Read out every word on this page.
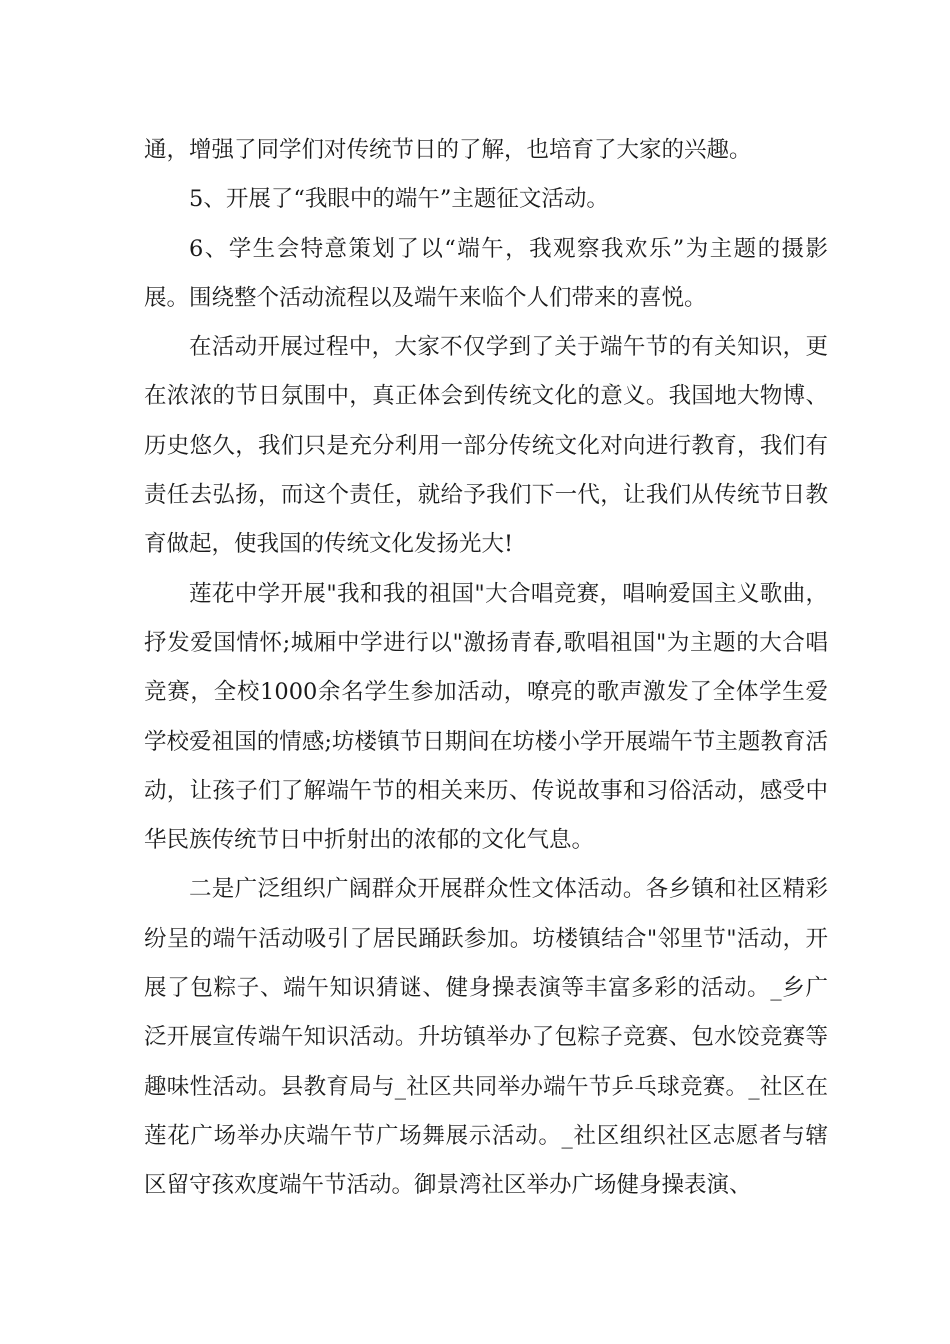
通，增强了同学们对传统节日的了解，也培育了大家的兴趣。

5、开展了“我眼中的端午”主题征文活动。

6、学生会特意策划了以“端午，我观察我欢乐”为主题的摄影展。围绕整个活动流程以及端午来临个人们带来的喜悦。

在活动开展过程中，大家不仅学到了关于端午节的有关知识，更在浓浓的节日氛围中，真正体会到传统文化的意义。我国地大物博、历史悠久，我们只是充分利用一部分传统文化对向进行教育，我们有责任去弘扬，而这个责任，就给予我们下一代，让我们从传统节日教育做起，使我国的传统文化发扬光大!

莲花中学开展"我和我的祖国"大合唱竞赛，唱响爱国主义歌曲，抒发爱国情怀;城厢中学进行以"激扬青春,歌唱祖国"为主题的大合唱竞赛，全校1000余名学生参加活动，嘹亮的歌声激发了全体学生爱学校爱祖国的情感;坊楼镇节日期间在坊楼小学开展端午节主题教育活动，让孩子们了解端午节的相关来历、传说故事和习俗活动，感受中华民族传统节日中折射出的浓郁的文化气息。

二是广泛组织广阔群众开展群众性文体活动。各乡镇和社区精彩纷呈的端午活动吸引了居民踊跃参加。坊楼镇结合"邻里节"活动，开展了包粽子、端午知识猜谜、健身操表演等丰富多彩的活动。_乡广泛开展宣传端午知识活动。升坊镇举办了包粽子竞赛、包水饺竞赛等趣味性活动。县教育局与_社区共同举办端午节乒乓球竞赛。_社区在莲花广场举办庆端午节广场舞展示活动。_社区组织社区志愿者与辖区留守孩欢度端午节活动。御景湾社区举办广场健身操表演、
